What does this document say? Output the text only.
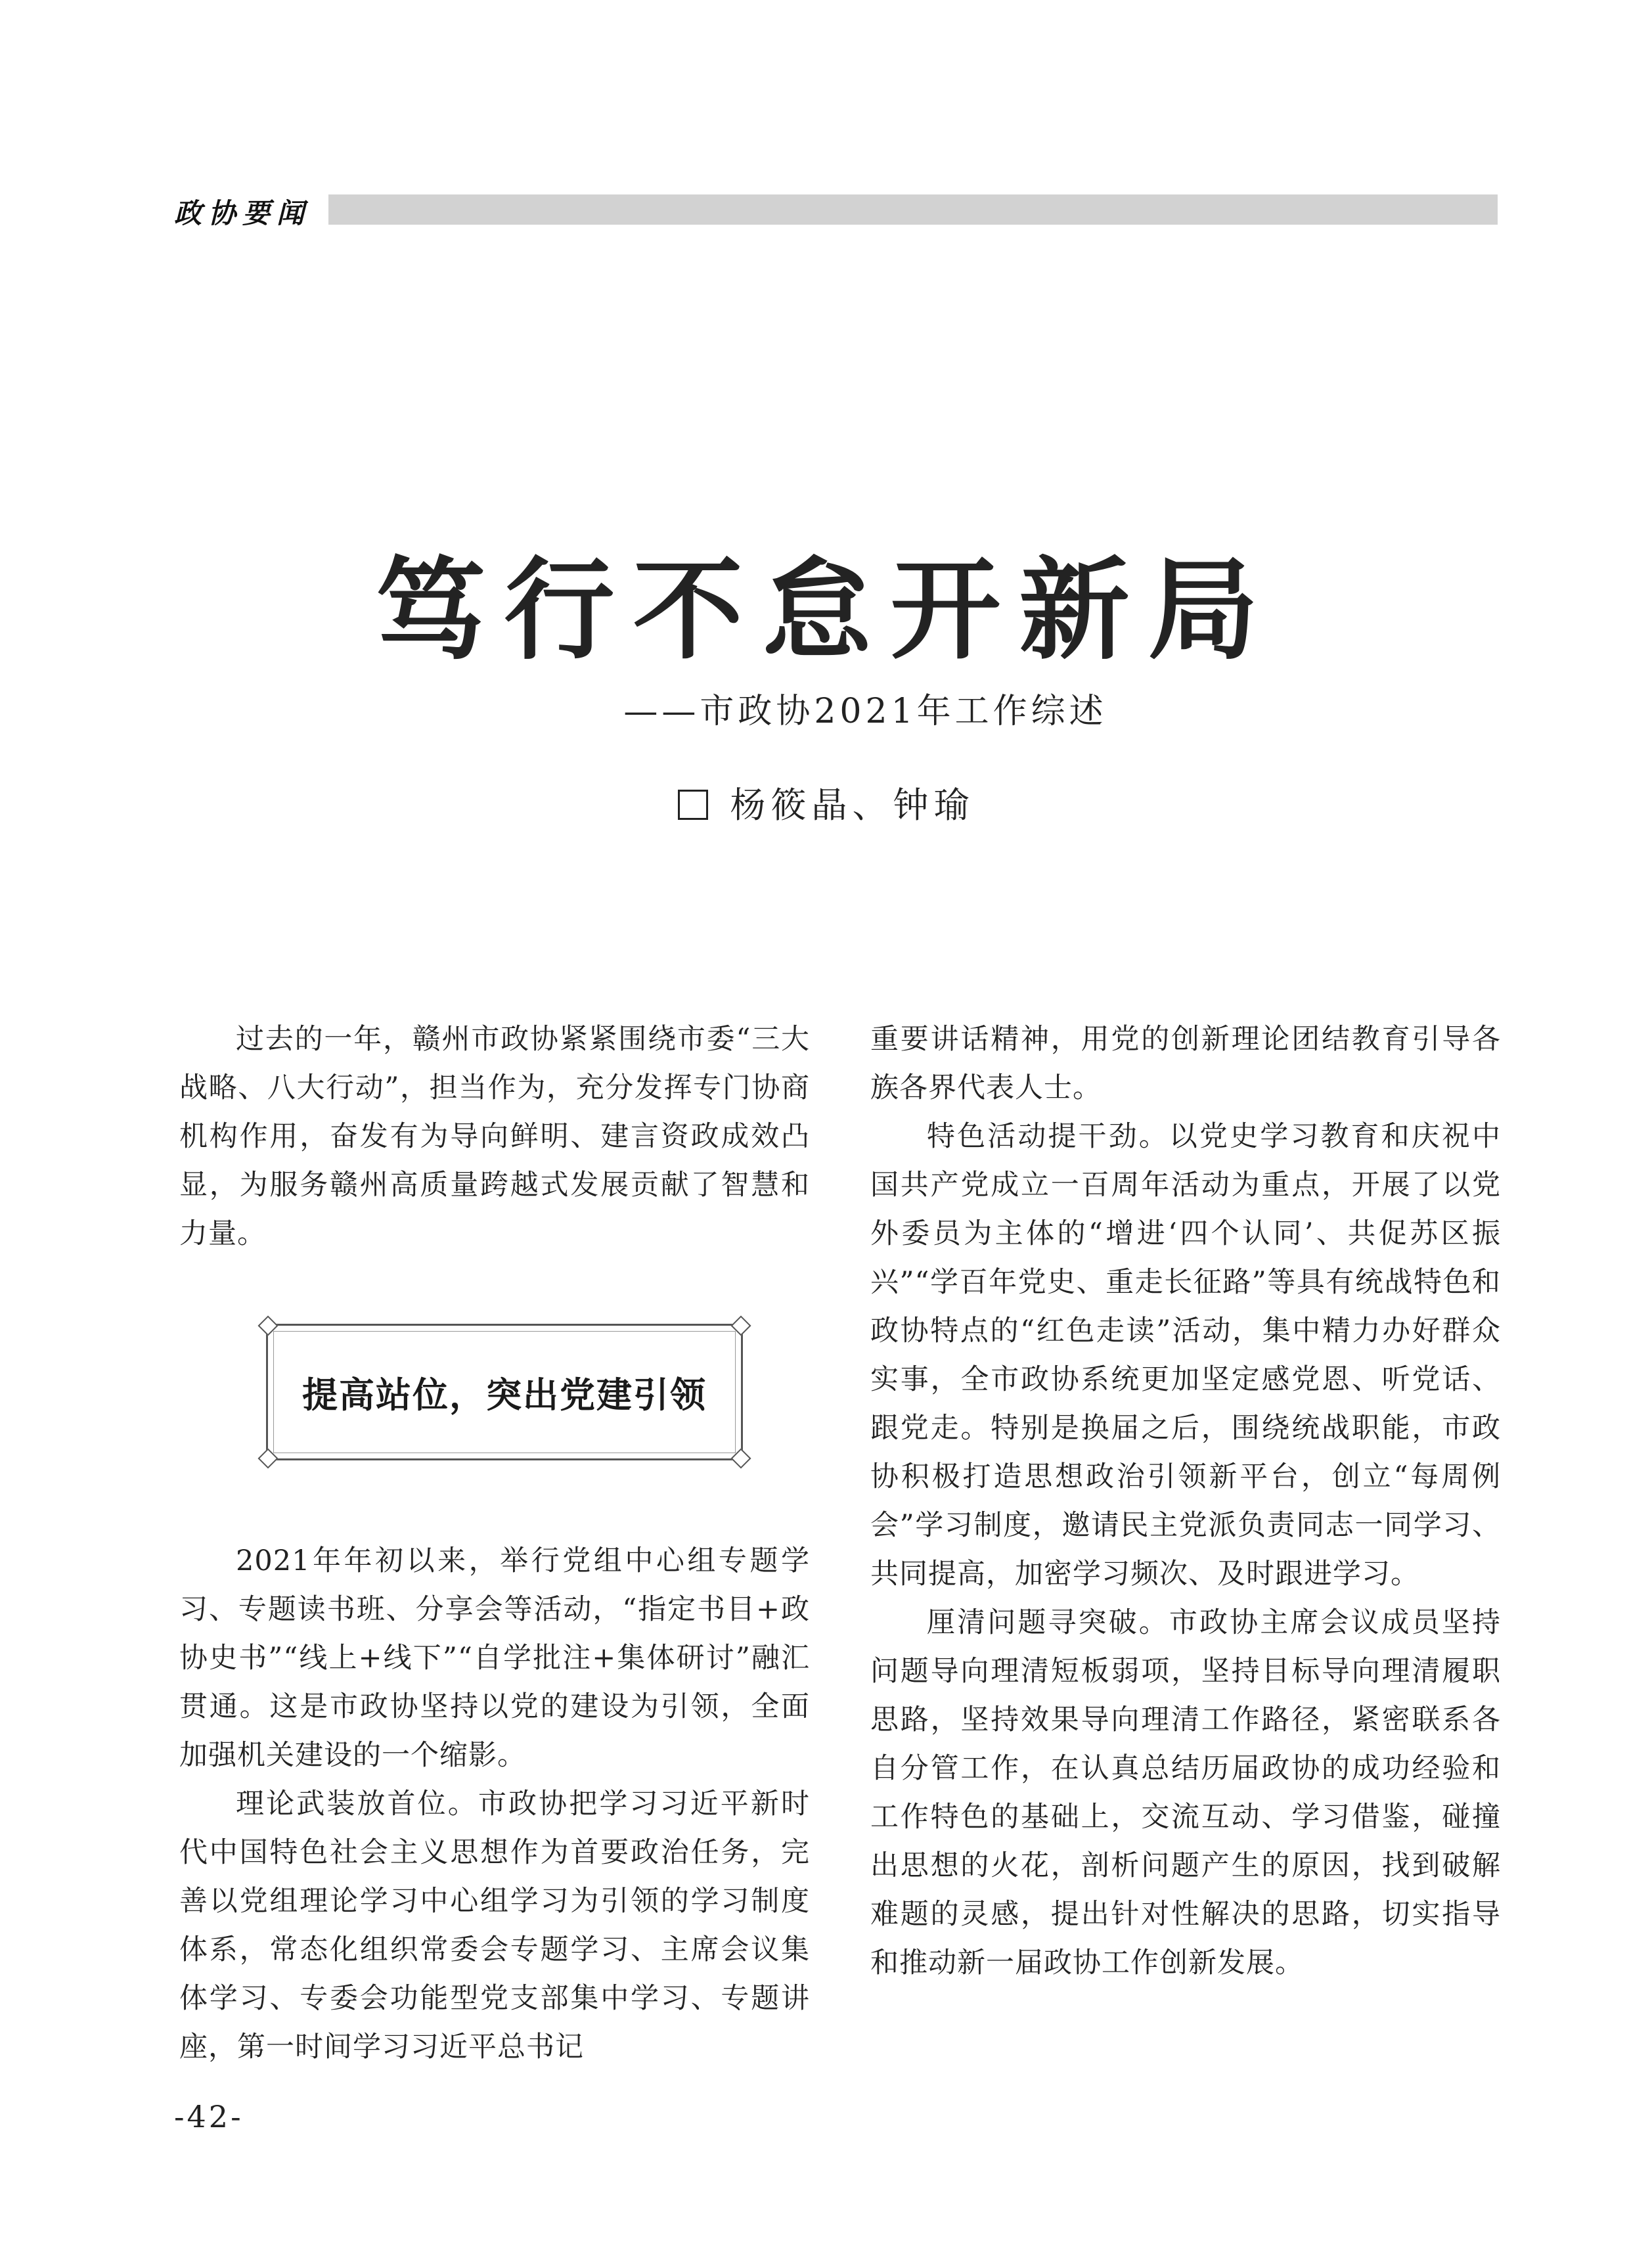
政协要闻
笃行不怠开新局
——市政协2021年工作综述
杨筱晶、钟瑜

过去的一年，赣州市政协紧紧围绕市委“三大战略、八大行动”，担当作为，充分发挥专门协商机构作用，奋发有为导向鲜明、建言资政成效凸显，为服务赣州高质量跨越式发展贡献了智慧和力量。

提高站位，突出党建引领

2021年年初以来，举行党组中心组专题学习、专题读书班、分享会等活动，“指定书目+政协史书”“线上+线下”“自学批注+集体研讨”融汇贯通。这是市政协坚持以党的建设为引领，全面加强机关建设的一个缩影。

理论武装放首位。市政协把学习习近平新时代中国特色社会主义思想作为首要政治任务，完善以党组理论学习中心组学习为引领的学习制度体系，常态化组织常委会专题学习、主席会议集体学习、专委会功能型党支部集中学习、专题讲座，第一时间学习习近平总书记

重要讲话精神，用党的创新理论团结教育引导各族各界代表人士。

特色活动提干劲。以党史学习教育和庆祝中国共产党成立一百周年活动为重点，开展了以党外委员为主体的“增进‘四个认同’、共促苏区振兴”“学百年党史、重走长征路”等具有统战特色和政协特点的“红色走读”活动，集中精力办好群众实事，全市政协系统更加坚定感党恩、听党话、跟党走。特别是换届之后，围绕统战职能，市政协积极打造思想政治引领新平台，创立“每周例会”学习制度，邀请民主党派负责同志一同学习、共同提高，加密学习频次、及时跟进学习。

厘清问题寻突破。市政协主席会议成员坚持问题导向理清短板弱项，坚持目标导向理清履职思路，坚持效果导向理清工作路径，紧密联系各自分管工作，在认真总结历届政协的成功经验和工作特色的基础上，交流互动、学习借鉴，碰撞出思想的火花，剖析问题产生的原因，找到破解难题的灵感，提出针对性解决的思路，切实指导和推动新一届政协工作创新发展。

-42-
